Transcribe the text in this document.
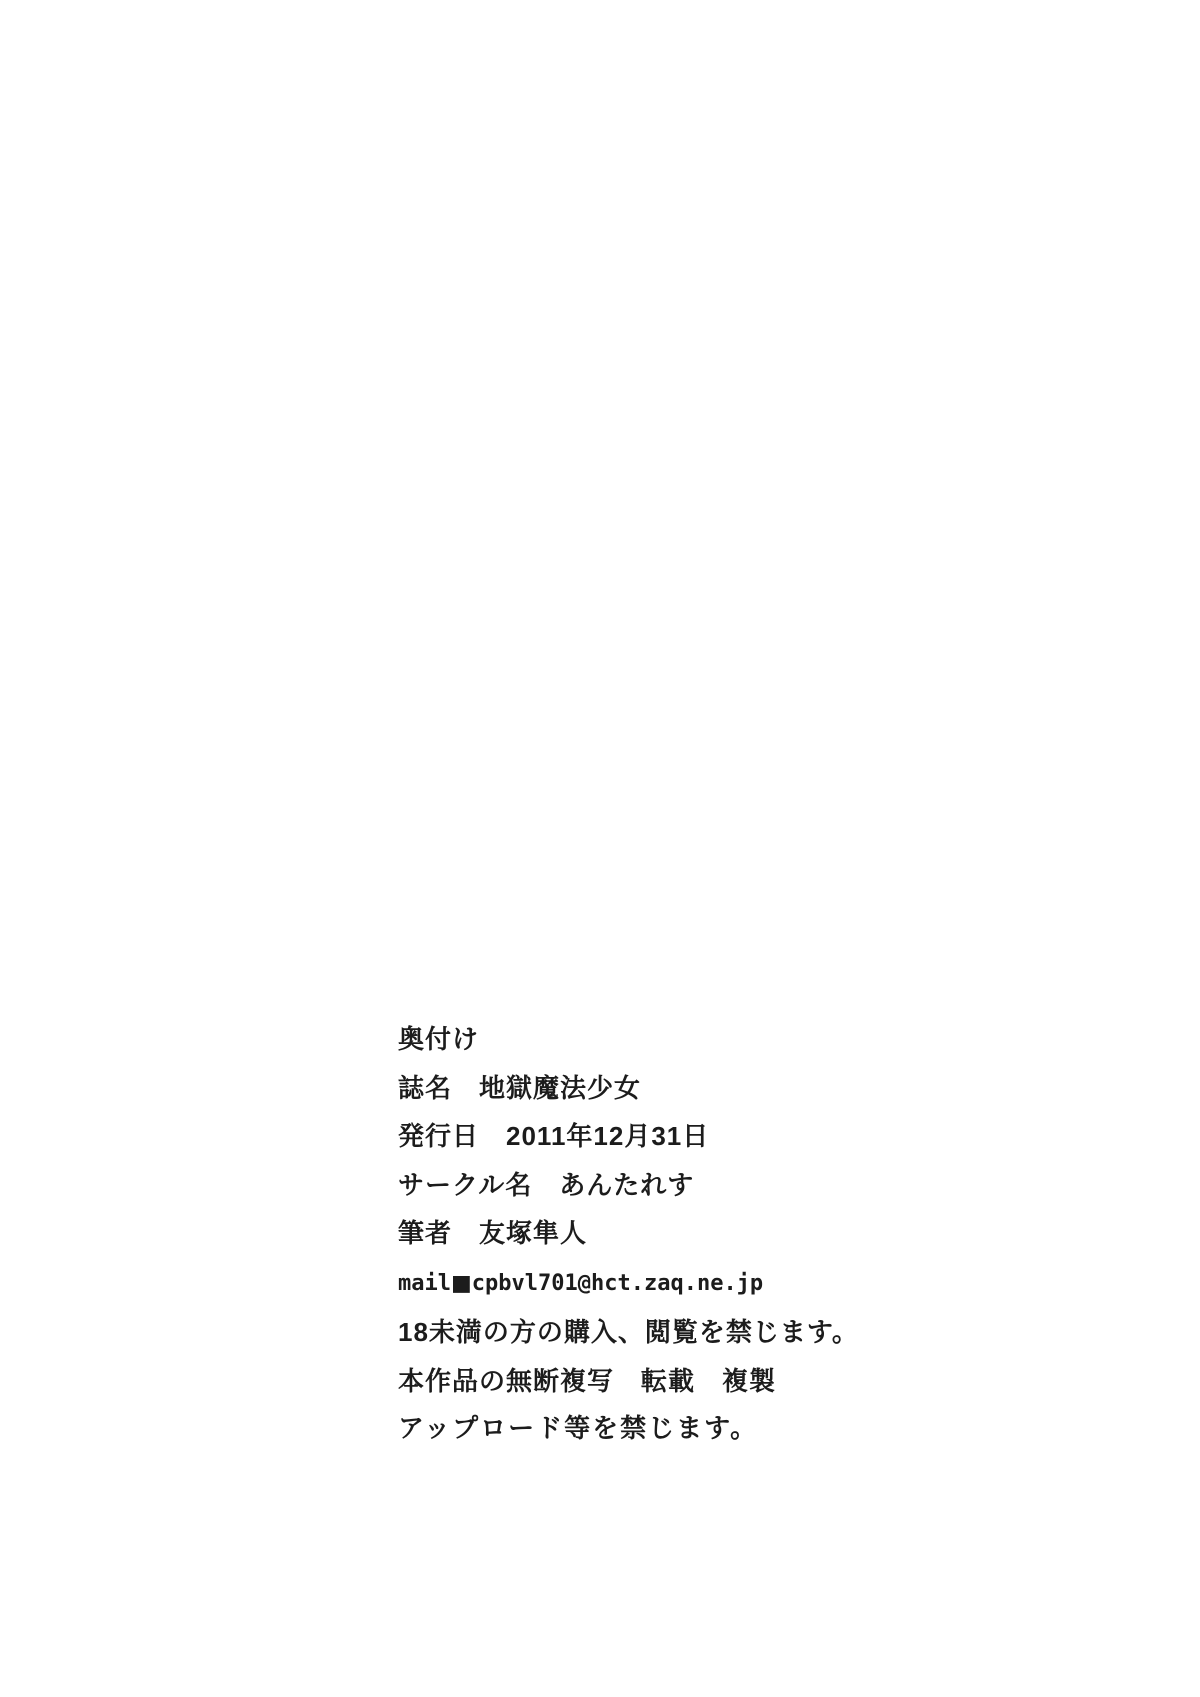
奥付け
誌名 地獄魔法少女
発行日 2011年12月31日
サークル名 あんたれす
筆者 友塚隼人
mail■cpbvl701@hct.zaq.ne.jp
18未満の方の購入、閲覧を禁じます。
本作品の無断複写　転載　複製
アップロード等を禁じます。
